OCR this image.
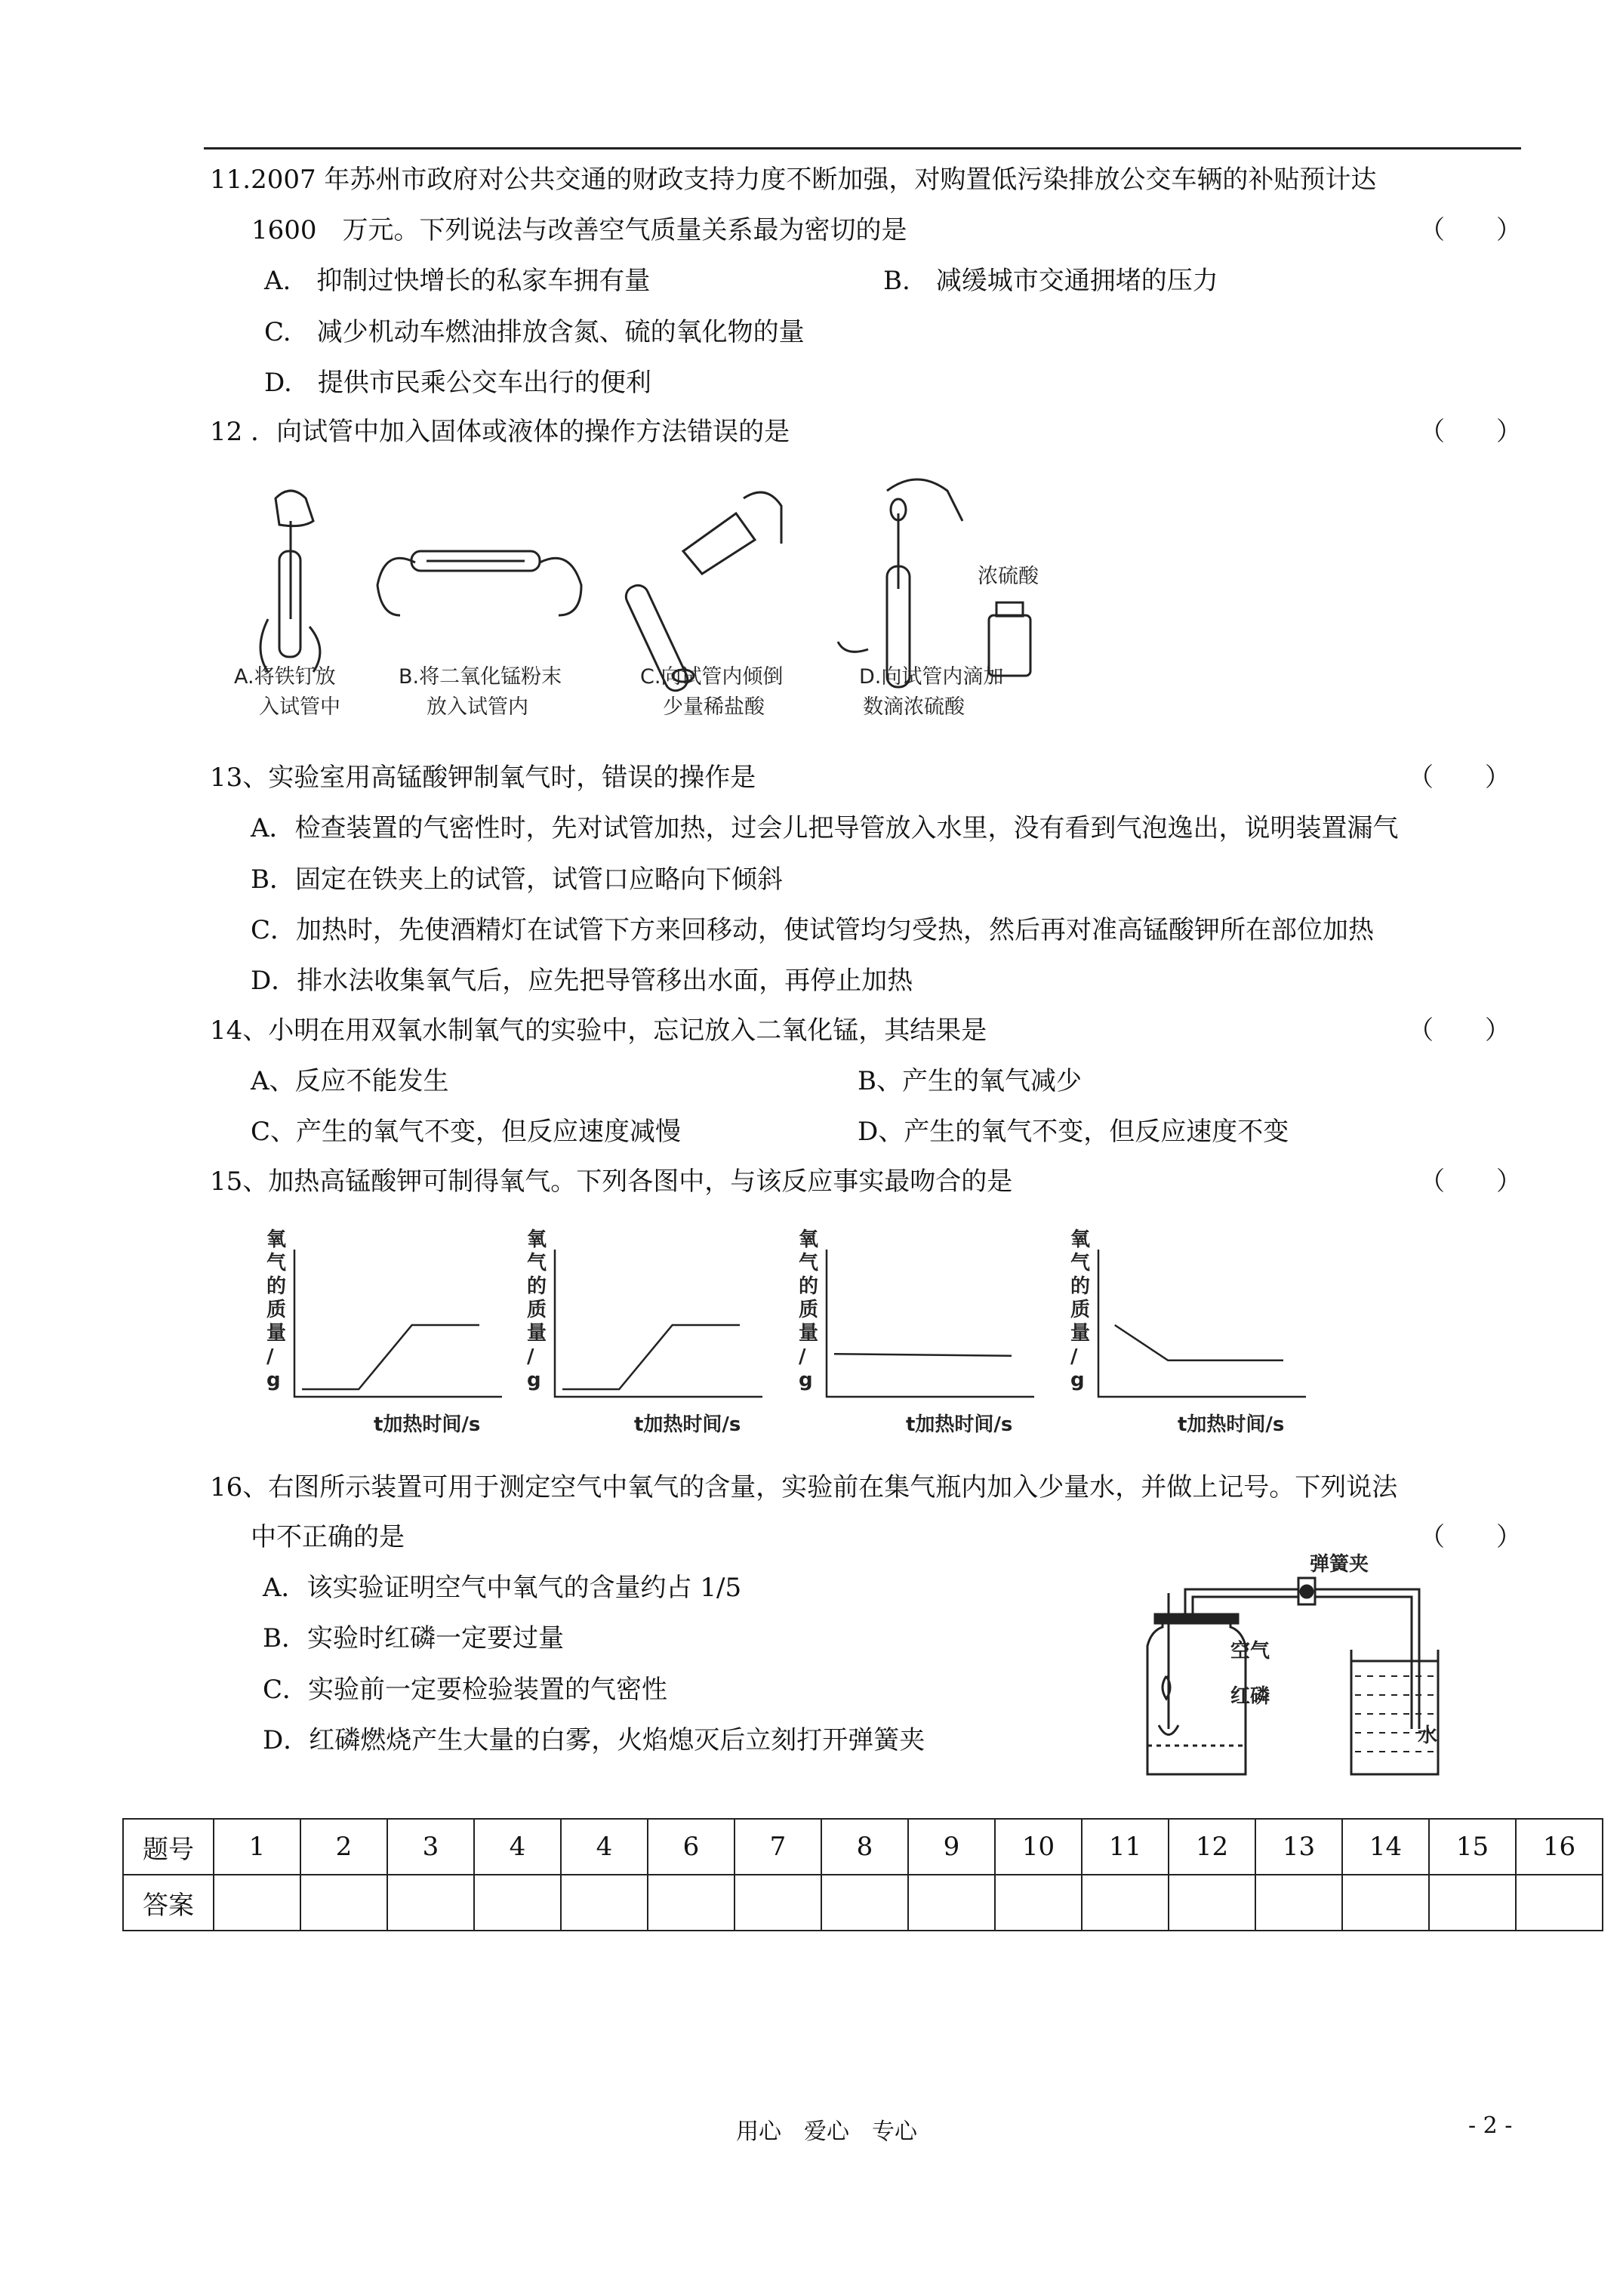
11.2007 年苏州市政府对公共交通的财政支持力度不断加强，对购置低污染排放公交车辆的补贴预计达
1600　万元。下列说法与改善空气质量关系最为密切的是	（　　）
A.　抑制过快增长的私家车拥有量	B.　减缓城市交通拥堵的压力
C.　减少机动车燃油排放含氮、硫的氧化物的量
D.　提供市民乘公交车出行的便利
12 ．向试管中加入固体或液体的操作方法错误的是	（　　）
浓硫酸
A.将铁钉放
入试管中
B.将二氧化锰粉末
放入试管内
C.向试管内倾倒
少量稀盐酸
D.向试管内滴加
数滴浓硫酸
13、实验室用高锰酸钾制氧气时，错误的操作是	（　　）
A．检查装置的气密性时，先对试管加热，过会儿把导管放入水里，没有看到气泡逸出，说明装置漏气
B．固定在铁夹上的试管，试管口应略向下倾斜
C．加热时，先使酒精灯在试管下方来回移动，使试管均匀受热，然后再对准高锰酸钾所在部位加热
D．排水法收集氧气后，应先把导管移出水面，再停止加热
14、小明在用双氧水制氧气的实验中，忘记放入二氧化锰，其结果是	（　　）
A、反应不能发生	B、产生的氧气减少
C、产生的氧气不变，但反应速度减慢	D、产生的氧气不变，但反应速度不变
15、加热高锰酸钾可制得氧气。下列各图中，与该反应事实最吻合的是	（　　）
氧
气
的
质
量
/
g
t加热时间/s
氧
气
的
质
量
/
g
t加热时间/s
氧
气
的
质
量
/
g
t加热时间/s
氧
气
的
质
量
/
g
t加热时间/s
16、右图所示装置可用于测定空气中氧气的含量，实验前在集气瓶内加入少量水，并做上记号。下列说法
中不正确的是	（　　）
A．该实验证明空气中氧气的含量约占 1/5
B．实验时红磷一定要过量
C．实验前一定要检验装置的气密性
D．红磷燃烧产生大量的白雾，火焰熄灭后立刻打开弹簧夹
弹簧夹
空气
红磷
水
题号	1	2	3	4	4	6	7	8	9	10	11	12	13	14	15	16
答案																
用心　爱心　专心	- 2 -
